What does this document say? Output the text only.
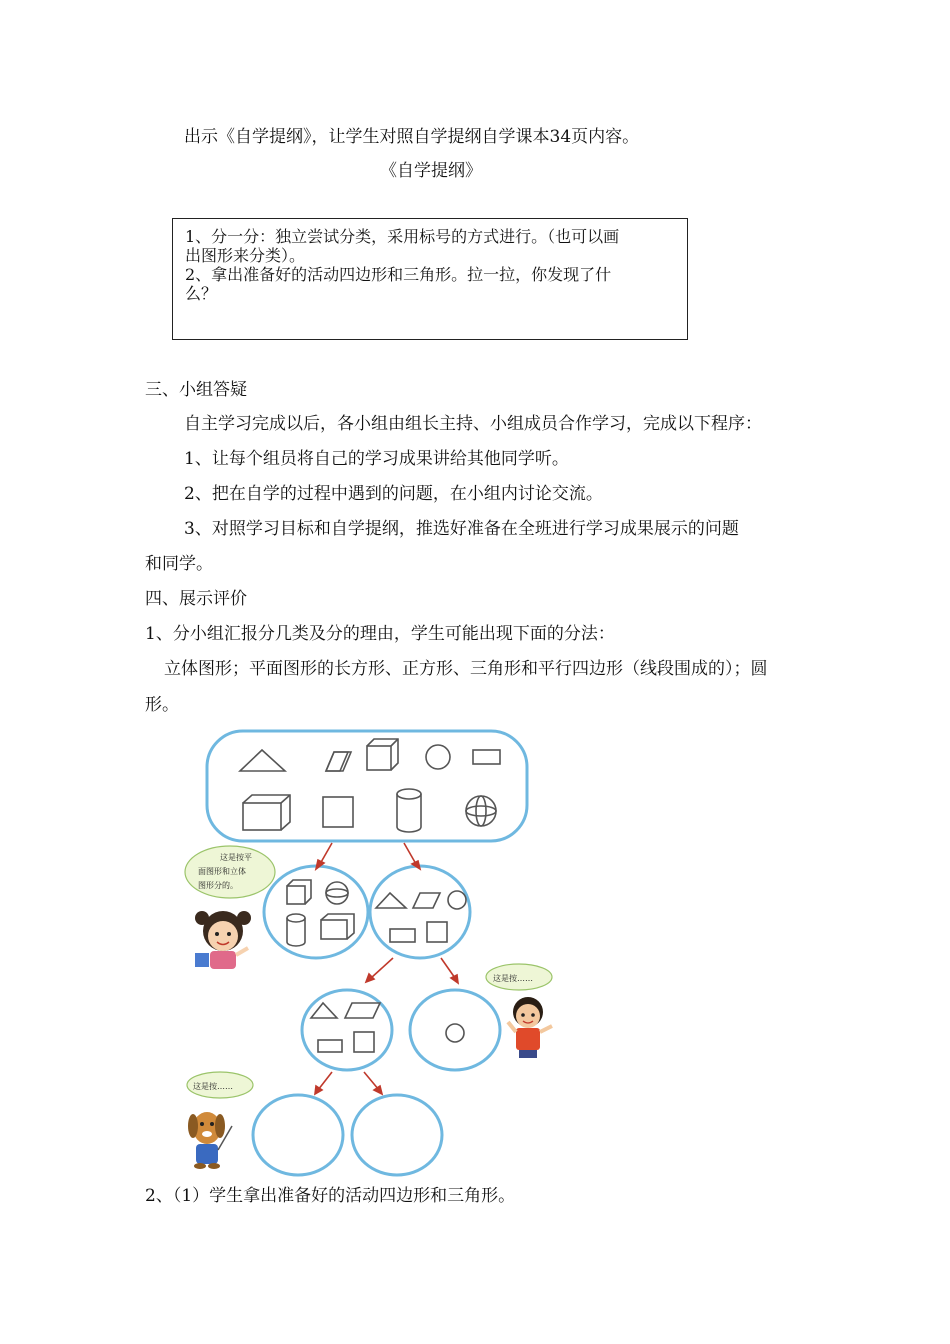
出示《自学提纲》，让学生对照自学提纲自学课本34页内容。
《自学提纲》
1、分一分：独立尝试分类，采用标号的方式进行。（也可以画
出图形来分类）。
2、拿出准备好的活动四边形和三角形。拉一拉，你发现了什
么？
三、小组答疑
自主学习完成以后，各小组由组长主持、小组成员合作学习，完成以下程序：
1、让每个组员将自己的学习成果讲给其他同学听。
2、把在自学的过程中遇到的问题，在小组内讨论交流。
3、对照学习目标和自学提纲，推选好准备在全班进行学习成果展示的问题
和同学。
四、展示评价
1、分小组汇报分几类及分的理由，学生可能出现下面的分法：
立体图形；平面图形的长方形、正方形、三角形和平行四边形（线段围成的）；圆
形。
这是按平
面图形和立体
图形分的。
这是按……
这是按……
2、（1）学生拿出准备好的活动四边形和三角形。
